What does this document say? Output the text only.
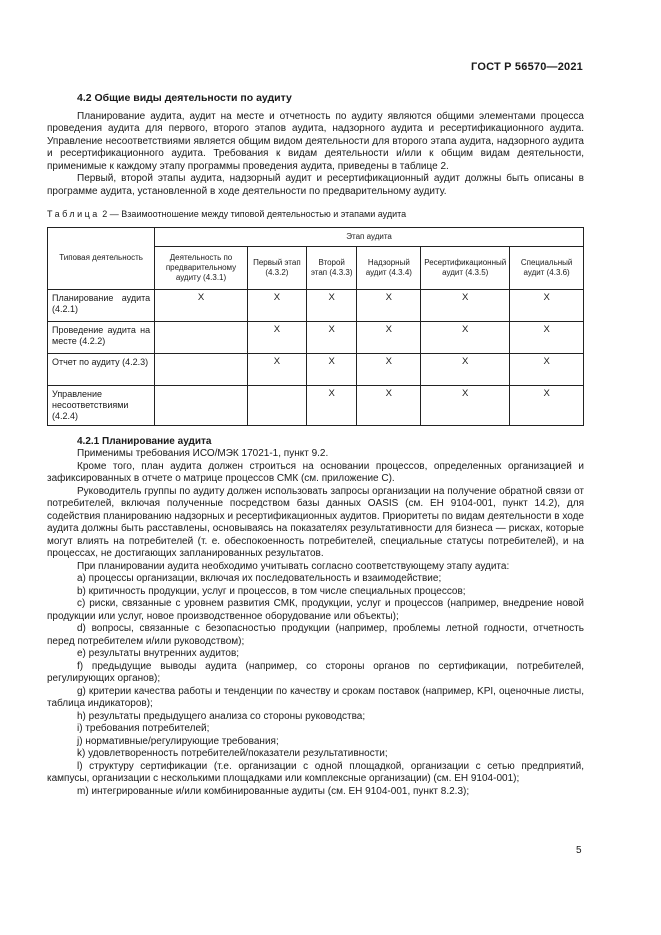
ГОСТ Р 56570—2021
4.2 Общие виды деятельности по аудиту

Планирование аудита, аудит на месте и отчетность по аудиту являются общими элементами процесса проведения аудита для первого, второго этапов аудита, надзорного аудита и ресертификационного аудита. Управление несоответствиями является общим видом деятельности для второго этапа аудита, надзорного аудита и ресертификационного аудита. Требования к видам деятельности и/или к общим видам деятельности, применимые к каждому этапу программы проведения аудита, приведены в таблице 2.

Первый, второй этапы аудита, надзорный аудит и ресертификационный аудит должны быть описаны в программе аудита, установленной в ходе деятельности по предварительному аудиту.

Таблица 2 — Взаимоотношение между типовой деятельностью и этапами аудита
Типовая деятельность	Этап аудита					
	Деятельность по предварительному аудиту (4.3.1)	Первый этап (4.3.2)	Второй этап (4.3.3)	Надзорный аудит (4.3.4)	Ресертификационный аудит (4.3.5)	Специальный аудит (4.3.6)
Планирование аудита (4.2.1)	X	X	X	X	X	X
Проведение аудита на месте (4.2.2)		X	X	X	X	X
Отчет по аудиту (4.2.3)		X	X	X	X	X
Управление несоответствиями (4.2.4)			X	X	X	X
4.2.1 Планирование аудита

Применимы требования ИСО/МЭК 17021-1, пункт 9.2.

Кроме того, план аудита должен строиться на основании процессов, определенных организацией и зафиксированных в отчете о матрице процессов СМК (см. приложение С).

Руководитель группы по аудиту должен использовать запросы организации на получение обратной связи от потребителей, включая полученные посредством базы данных OASIS (см. ЕН 9104-001, пункт 14.2), для содействия планированию надзорных и ресертификационных аудитов. Приоритеты по видам деятельности в ходе аудита должны быть расставлены, основываясь на показателях результативности для бизнеса — рисках, которые могут влиять на потребителей (т. е. обеспокоенность потребителей, специальные статусы потребителей), и на процессах, не достигающих запланированных результатов.

При планировании аудита необходимо учитывать согласно соответствующему этапу аудита:

a) процессы организации, включая их последовательность и взаимодействие;

b) критичность продукции, услуг и процессов, в том числе специальных процессов;

c) риски, связанные с уровнем развития СМК, продукции, услуг и процессов (например, внедрение новой продукции или услуг, новое производственное оборудование или объекты);

d) вопросы, связанные с безопасностью продукции (например, проблемы летной годности, отчетность перед потребителем и/или руководством);

e) результаты внутренних аудитов;

f) предыдущие выводы аудита (например, со стороны органов по сертификации, потребителей, регулирующих органов);

g) критерии качества работы и тенденции по качеству и срокам поставок (например, KPI, оценочные листы, таблица индикаторов);

h) результаты предыдущего анализа со стороны руководства;

i) требования потребителей;

j) нормативные/регулирующие требования;

k) удовлетворенность потребителей/показатели результативности;

l) структуру сертификации (т.е. организации с одной площадкой, организации с сетью предприятий, кампусы, организации с несколькими площадками или комплексные организации) (см. ЕН 9104-001);

m) интегрированные и/или комбинированные аудиты (см. ЕН 9104-001, пункт 8.2.3);

5
